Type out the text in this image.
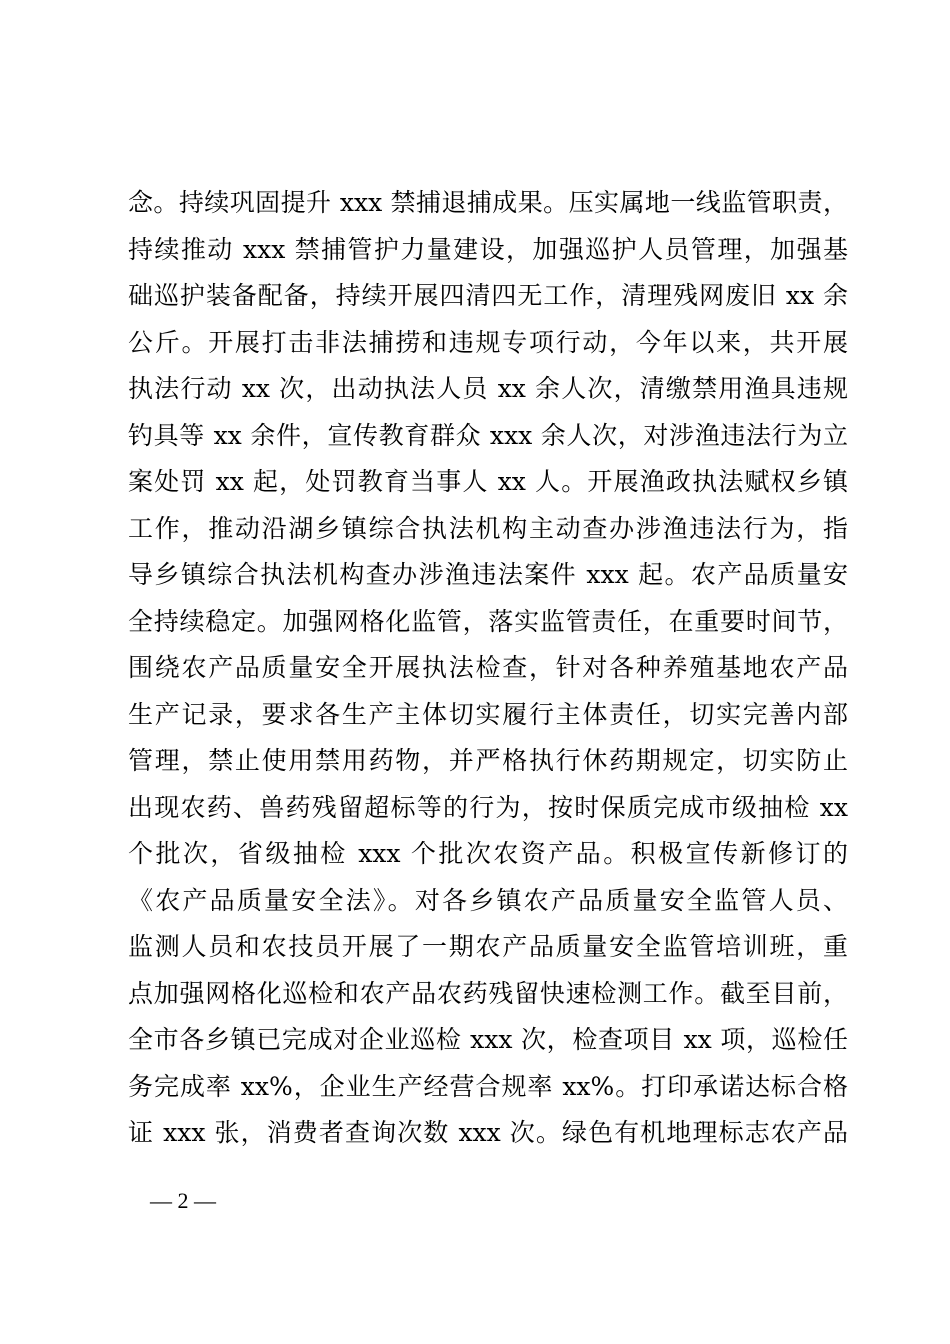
念。持续巩固提升 xxx 禁捕退捕成果。压实属地一线监管职责，
持续推动 xxx 禁捕管护力量建设，加强巡护人员管理，加强基
础巡护装备配备，持续开展四清四无工作，清理残网废旧 xx 余
公斤。开展打击非法捕捞和违规专项行动，今年以来，共开展
执法行动 xx 次，出动执法人员 xx 余人次，清缴禁用渔具违规
钓具等 xx 余件，宣传教育群众 xxx 余人次，对涉渔违法行为立
案处罚 xx 起，处罚教育当事人 xx 人。开展渔政执法赋权乡镇
工作，推动沿湖乡镇综合执法机构主动查办涉渔违法行为，指
导乡镇综合执法机构查办涉渔违法案件 xxx 起。农产品质量安
全持续稳定。加强网格化监管，落实监管责任，在重要时间节，
围绕农产品质量安全开展执法检查，针对各种养殖基地农产品
生产记录，要求各生产主体切实履行主体责任，切实完善内部
管理，禁止使用禁用药物，并严格执行休药期规定，切实防止
出现农药、兽药残留超标等的行为，按时保质完成市级抽检 xx
个批次，省级抽检 xxx 个批次农资产品。积极宣传新修订的
《农产品质量安全法》。对各乡镇农产品质量安全监管人员、
监测人员和农技员开展了一期农产品质量安全监管培训班，重
点加强网格化巡检和农产品农药残留快速检测工作。截至目前，
全市各乡镇已完成对企业巡检 xxx 次，检查项目 xx 项，巡检任
务完成率 xx%，企业生产经营合规率 xx%。打印承诺达标合格
证 xxx 张，消费者查询次数 xxx 次。绿色有机地理标志农产品
— 2 —
